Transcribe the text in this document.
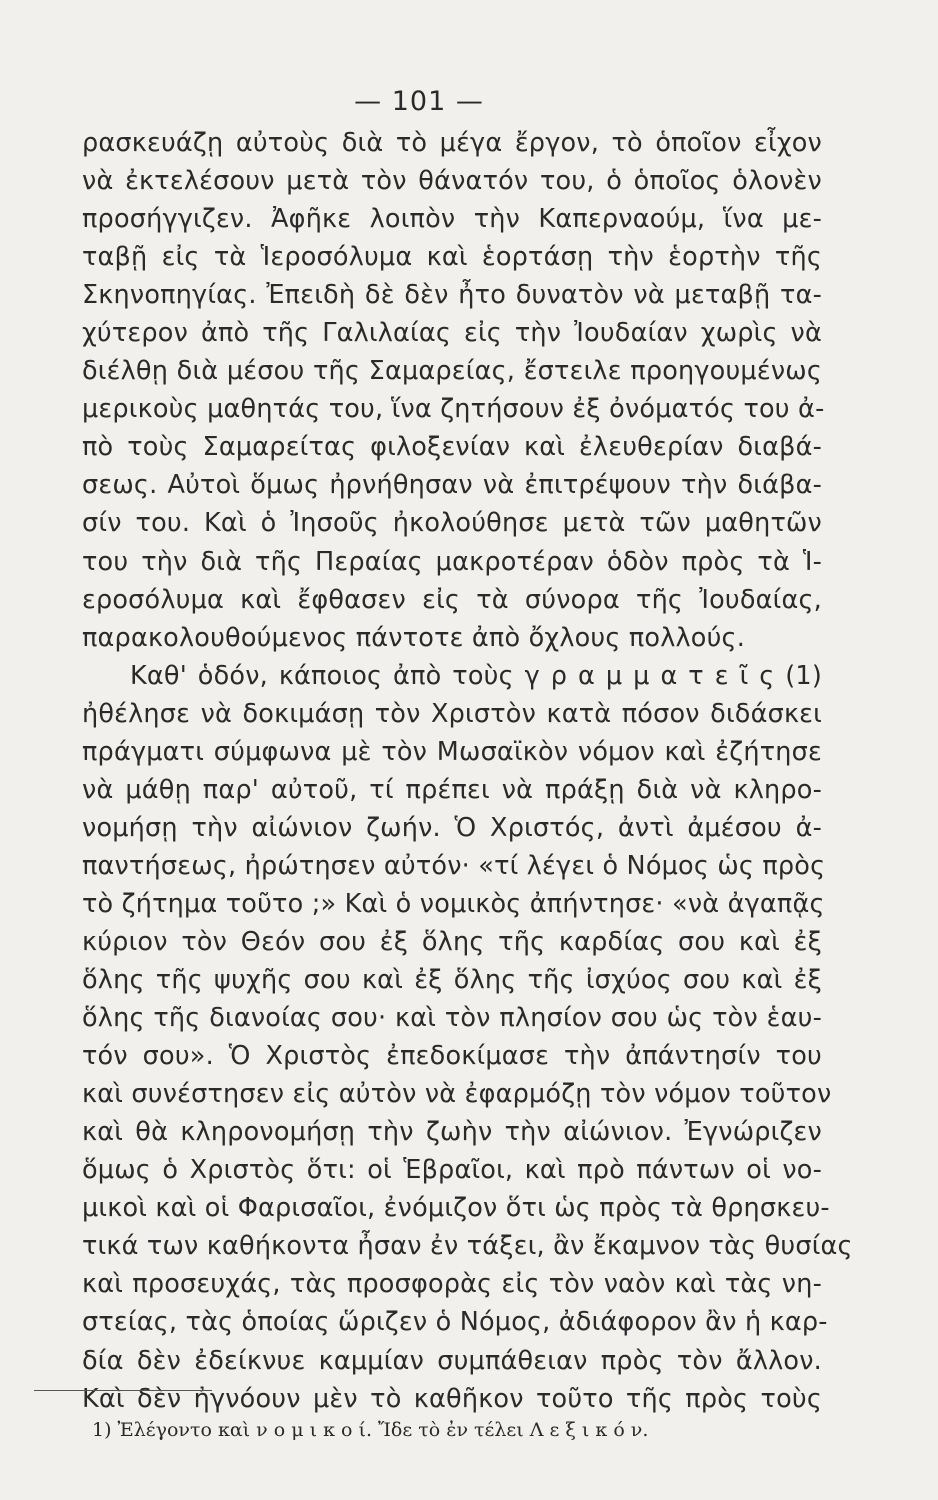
— 101 —
ρασκευάζῃ αὐτοὺς διὰ τὸ μέγα ἔργον, τὸ ὁποῖον εἶχον
νὰ ἐκτελέσουν μετὰ τὸν θάνατόν του, ὁ ὁποῖος ὁλονὲν
προσήγγιζεν. Ἀφῆκε λοιπὸν τὴν Καπερναούμ, ἵνα με-
ταβῇ εἰς τὰ Ἱεροσόλυμα καὶ ἑορτάσῃ τὴν ἑορτὴν τῆς
Σκηνοπηγίας. Ἐπειδὴ δὲ δὲν ἦτο δυνατὸν νὰ μεταβῇ τα-
χύτερον ἀπὸ τῆς Γαλιλαίας εἰς τὴν Ἰουδαίαν χωρὶς νὰ
διέλθῃ διὰ μέσου τῆς Σαμαρείας, ἔστειλε προηγουμένως
μερικοὺς μαθητάς του, ἵνα ζητήσουν ἐξ ὀνόματός του ἀ-
πὸ τοὺς Σαμαρείτας φιλοξενίαν καὶ ἐλευθερίαν διαβά-
σεως. Αὐτοὶ ὅμως ἠρνήθησαν νὰ ἐπιτρέψουν τὴν διάβα-
σίν του. Καὶ ὁ Ἰησοῦς ἠκολούθησε μετὰ τῶν μαθητῶν
του τὴν διὰ τῆς Περαίας μακροτέραν ὁδὸν πρὸς τὰ Ἱ-
εροσόλυμα καὶ ἔφθασεν εἰς τὰ σύνορα τῆς Ἰουδαίας,
παρακολουθούμενος πάντοτε ἀπὸ ὄχλους πολλούς.
Καθ' ὁδόν, κάποιος ἀπὸ τοὺς γ ρ α μ μ α τ ε ῖ ς (1)
ἠθέλησε νὰ δοκιμάσῃ τὸν Χριστὸν κατὰ πόσον διδάσκει
πράγματι σύμφωνα μὲ τὸν Μωσαϊκὸν νόμον καὶ ἐζήτησε
νὰ μάθῃ παρ' αὐτοῦ, τί πρέπει νὰ πράξῃ διὰ νὰ κληρο-
νομήσῃ τὴν αἰώνιον ζωήν. Ὁ Χριστός, ἀντὶ ἀμέσου ἀ-
παντήσεως, ἠρώτησεν αὐτόν· «τί λέγει ὁ Νόμος ὡς πρὸς
τὸ ζήτημα τοῦτο ;» Καὶ ὁ νομικὸς ἀπήντησε· «νὰ ἀγαπᾷς
κύριον τὸν Θεόν σου ἐξ ὅλης τῆς καρδίας σου καὶ ἐξ
ὅλης τῆς ψυχῆς σου καὶ ἐξ ὅλης τῆς ἰσχύος σου καὶ ἐξ
ὅλης τῆς διανοίας σου· καὶ τὸν πλησίον σου ὡς τὸν ἑαυ-
τόν σου». Ὁ Χριστὸς ἐπεδοκίμασε τὴν ἀπάντησίν του
καὶ συνέστησεν εἰς αὐτὸν νὰ ἐφαρμόζῃ τὸν νόμον τοῦτον
καὶ θὰ κληρονομήσῃ τὴν ζωὴν τὴν αἰώνιον. Ἐγνώριζεν
ὅμως ὁ Χριστὸς ὅτι: οἱ Ἑβραῖοι, καὶ πρὸ πάντων οἱ νο-
μικοὶ καὶ οἱ Φαρισαῖοι, ἐνόμιζον ὅτι ὡς πρὸς τὰ θρησκευ-
τικά των καθήκοντα ἦσαν ἐν τάξει, ἂν ἔκαμνον τὰς θυσίας
καὶ προσευχάς, τὰς προσφορὰς εἰς τὸν ναὸν καὶ τὰς νη-
στείας, τὰς ὁποίας ὥριζεν ὁ Νόμος, ἀδιάφορον ἂν ἡ καρ-
δία δὲν ἐδείκνυε καμμίαν συμπάθειαν πρὸς τὸν ἄλλον.
Καὶ δὲν ἠγνόουν μὲν τὸ καθῆκον τοῦτο τῆς πρὸς τοὺς
1) Ἐλέγοντο καὶ ν ο μ ι κ ο ί. Ἴδε τὸ ἐν τέλει Λ ε ξ ι κ ό ν.
